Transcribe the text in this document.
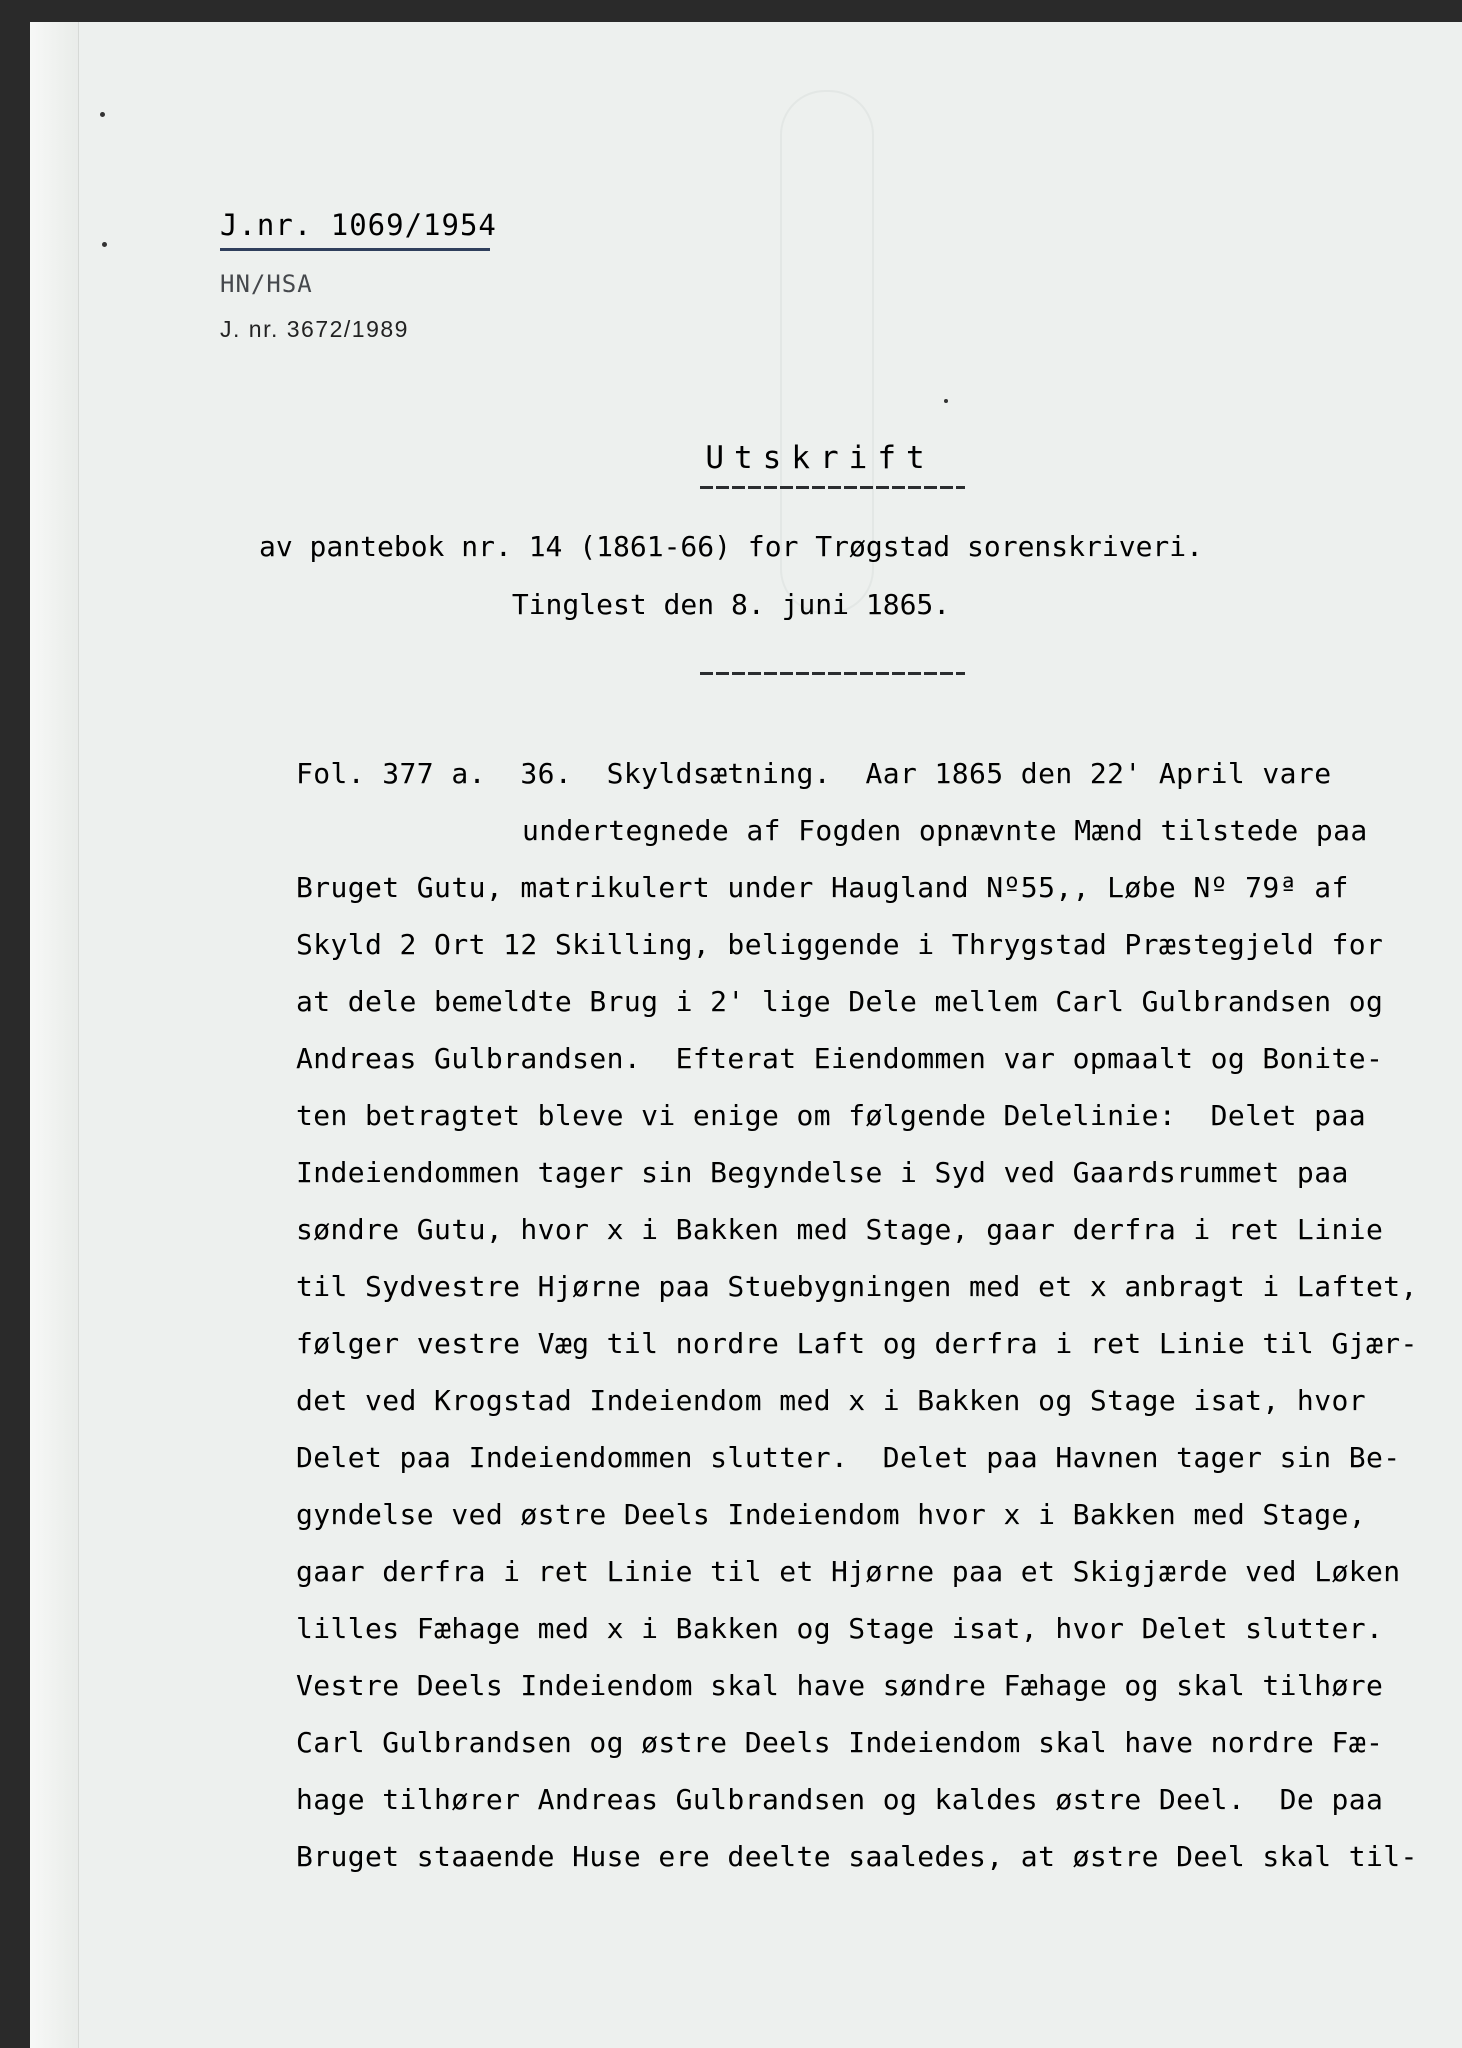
J.nr. 1069/1954
HN/HSA
J. nr. 3672/1989
Utskrift
av pantebok nr. 14 (1861-66) for Trøgstad sorenskriveri.
Tinglest den 8. juni 1865.
Fol. 377 a.  36.  Skyldsætning.  Aar 1865 den 22' April vare
undertegnede af Fogden opnævnte Mænd tilstede paa
Bruget Gutu, matrikulert under Haugland Nº55,, Løbe Nº 79ª af
Skyld 2 Ort 12 Skilling, beliggende i Thrygstad Præstegjeld for
at dele bemeldte Brug i 2' lige Dele mellem Carl Gulbrandsen og
Andreas Gulbrandsen.  Efterat Eiendommen var opmaalt og Bonite-
ten betragtet bleve vi enige om følgende Delelinie:  Delet paa
Indeiendommen tager sin Begyndelse i Syd ved Gaardsrummet paa
søndre Gutu, hvor x i Bakken med Stage, gaar derfra i ret Linie
til Sydvestre Hjørne paa Stuebygningen med et x anbragt i Laftet,
følger vestre Væg til nordre Laft og derfra i ret Linie til Gjær-
det ved Krogstad Indeiendom med x i Bakken og Stage isat, hvor
Delet paa Indeiendommen slutter.  Delet paa Havnen tager sin Be-
gyndelse ved østre Deels Indeiendom hvor x i Bakken med Stage,
gaar derfra i ret Linie til et Hjørne paa et Skigjærde ved Løken
lilles Fæhage med x i Bakken og Stage isat, hvor Delet slutter.
Vestre Deels Indeiendom skal have søndre Fæhage og skal tilhøre
Carl Gulbrandsen og østre Deels Indeiendom skal have nordre Fæ-
hage tilhører Andreas Gulbrandsen og kaldes østre Deel.  De paa
Bruget staaende Huse ere deelte saaledes, at østre Deel skal til-
